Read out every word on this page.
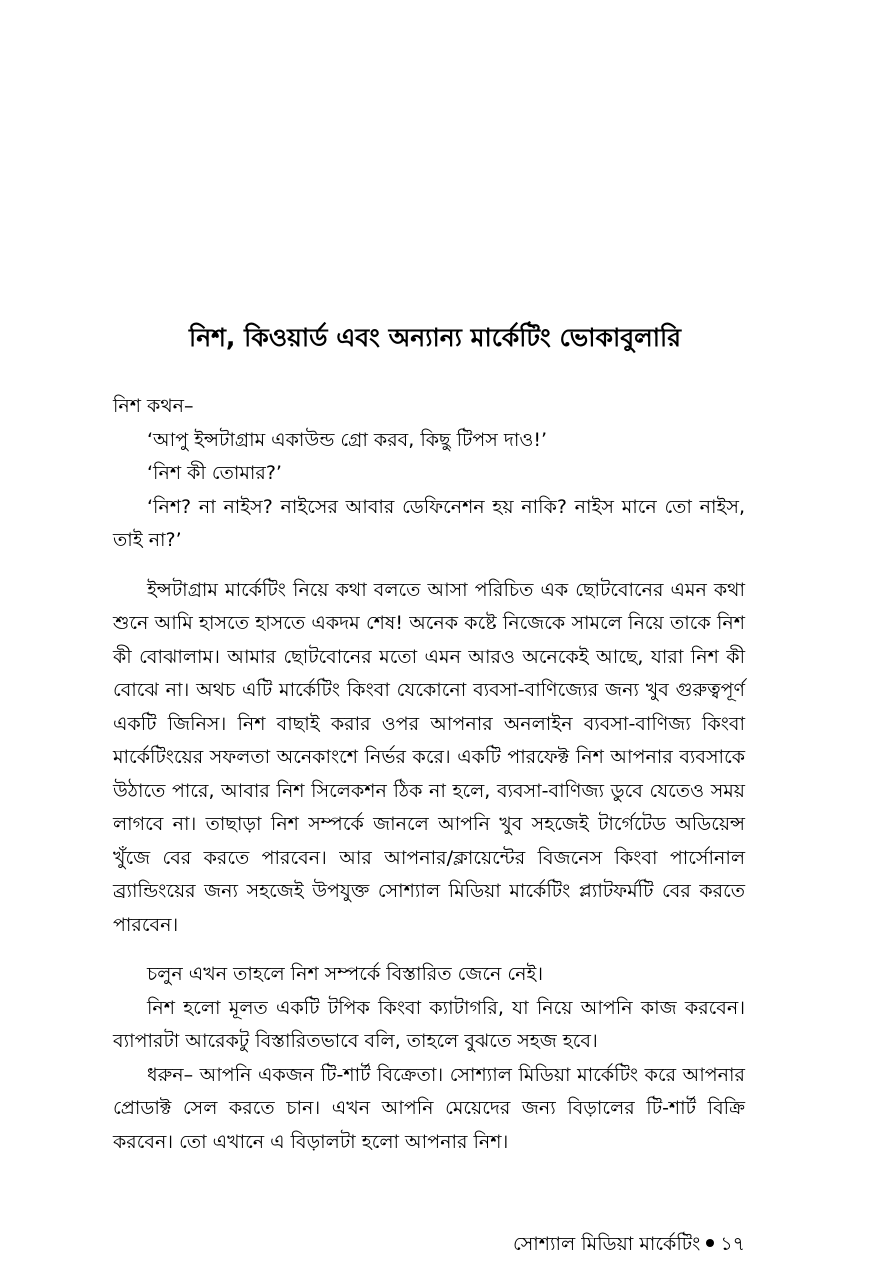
নিশ, কিওয়ার্ড এবং অন্যান্য মার্কেটিং ভোকাবুলারি

নিশ কথন–

‘আপু ইন্সটাগ্রাম একাউন্ড গ্রো করব, কিছু টিপস দাও!’

‘নিশ কী তোমার?’

‘নিশ? না নাইস? নাইসের আবার ডেফিনেশন হয় নাকি? নাইস মানে তো নাইস, তাই না?’

ইন্সটাগ্রাম মার্কেটিং নিয়ে কথা বলতে আসা পরিচিত এক ছোটবোনের এমন কথা শুনে আমি হাসতে হাসতে একদম শেষ! অনেক কষ্টে নিজেকে সামলে নিয়ে তাকে নিশ কী বোঝালাম। আমার ছোটবোনের মতো এমন আরও অনেকেই আছে, যারা নিশ কী বোঝে না। অথচ এটি মার্কেটিং কিংবা যেকোনো ব্যবসা-বাণিজ্যের জন্য খুব গুরুত্বপূর্ণ একটি জিনিস। নিশ বাছাই করার ওপর আপনার অনলাইন ব্যবসা-বাণিজ্য কিংবা মার্কেটিংয়ের সফলতা অনেকাংশে নির্ভর করে। একটি পারফেক্ট নিশ আপনার ব্যবসাকে উঠাতে পারে, আবার নিশ সিলেকশন ঠিক না হলে, ব্যবসা-বাণিজ্য ডুবে যেতেও সময় লাগবে না। তাছাড়া নিশ সম্পর্কে জানলে আপনি খুব সহজেই টার্গেটেড অডিয়েন্স খুঁজে বের করতে পারবেন। আর আপনার/ক্লায়েন্টের বিজনেস কিংবা পার্সোনাল ব্র্যান্ডিংয়ের জন্য সহজেই উপযুক্ত সোশ্যাল মিডিয়া মার্কেটিং প্ল্যাটফর্মটি বের করতে পারবেন।

চলুন এখন তাহলে নিশ সম্পর্কে বিস্তারিত জেনে নেই।

নিশ হলো মূলত একটি টপিক কিংবা ক্যাটাগরি, যা নিয়ে আপনি কাজ করবেন। ব্যাপারটা আরেকটু বিস্তারিতভাবে বলি, তাহলে বুঝতে সহজ হবে।

ধরুন– আপনি একজন টি-শার্ট বিক্রেতা। সোশ্যাল মিডিয়া মার্কেটিং করে আপনার প্রোডাক্ট সেল করতে চান। এখন আপনি মেয়েদের জন্য বিড়ালের টি-শার্ট বিক্রি করবেন। তো এখানে এ বিড়ালটা হলো আপনার নিশ।

সোশ্যাল মিডিয়া মার্কেটিং ১৭
